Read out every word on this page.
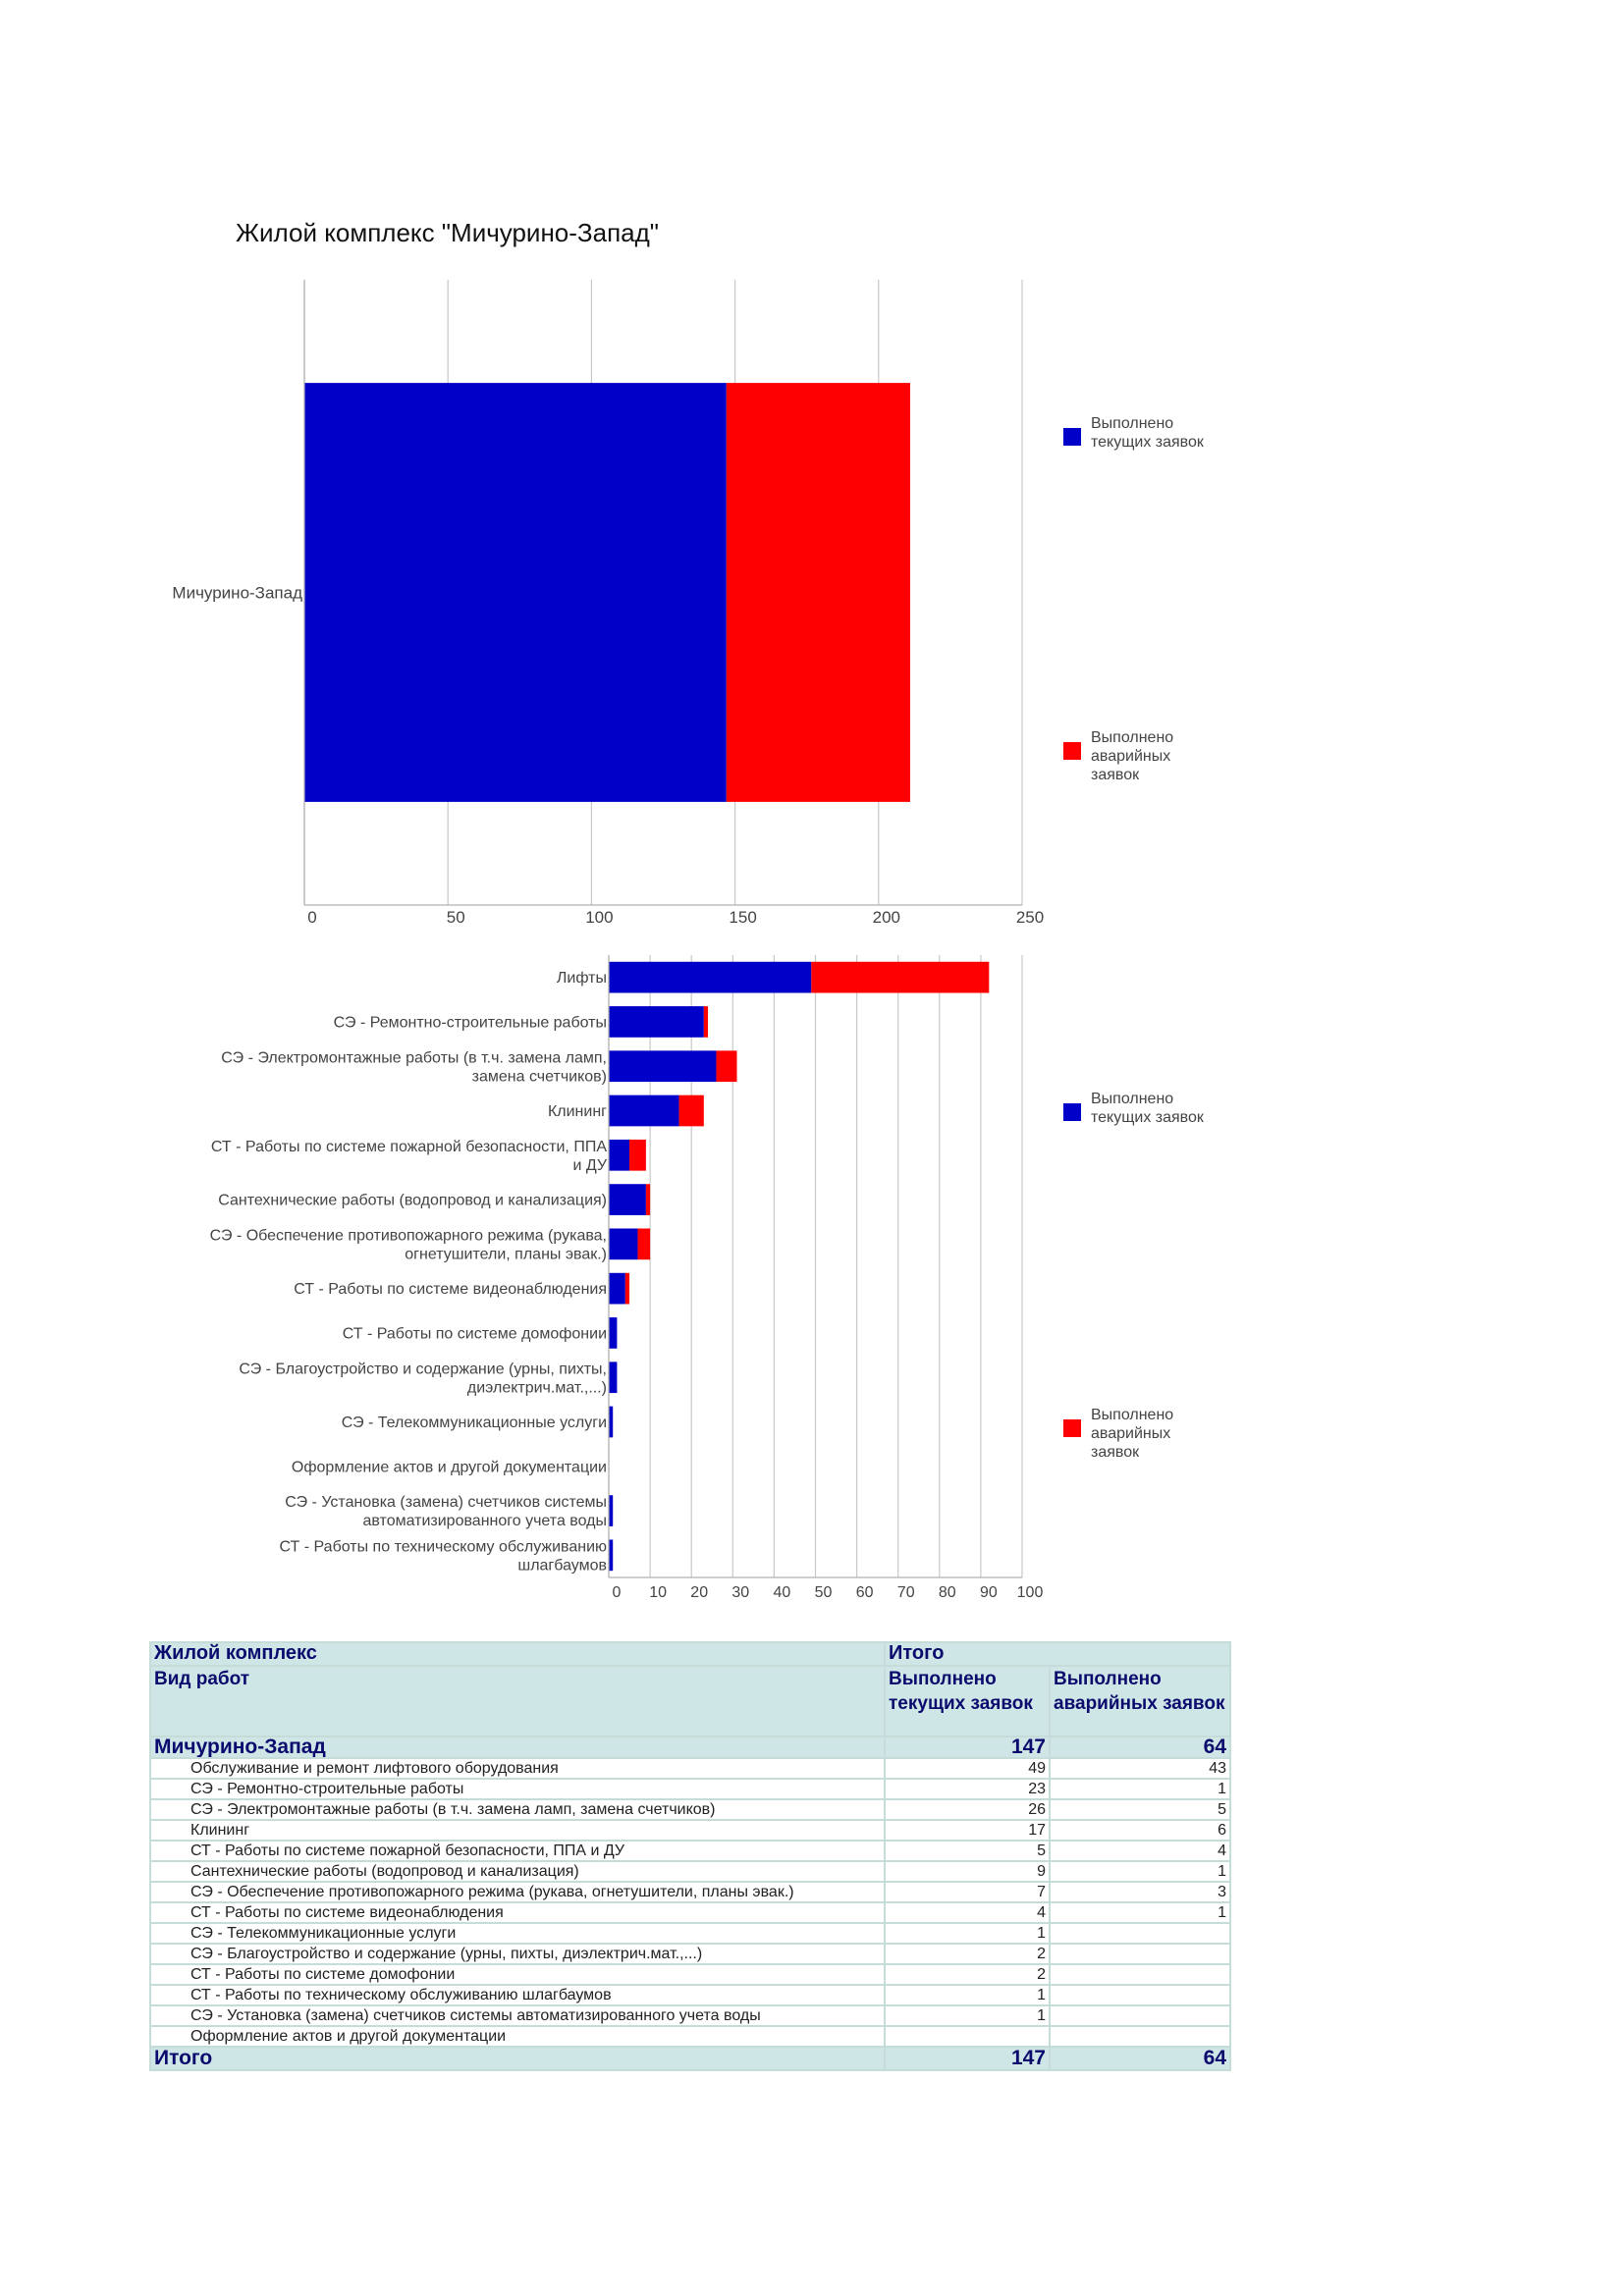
Жилой комплекс "Мичурино-Запад"
0	50	100	150	200	250
Мичурино-Запад
Выполнено
текущих заявок
Выполнено
аварийных
заявок
0 10 20 30 40 50 60 70 80 90 100
Лифты
СЭ - Ремонтно-строительные работы
СЭ - Электромонтажные работы (в т.ч. замена ламп,
замена счетчиков)
Клининг
СТ - Работы по системе пожарной безопасности, ППА
и ДУ
Сантехнические работы (водопровод и канализация)
СЭ - Обеспечение противопожарного режима (рукава,
огнетушители, планы эвак.)
СТ - Работы по системе видеонаблюдения
СТ - Работы по системе домофонии
СЭ - Благоустройство и содержание (урны, пихты,
диэлектрич.мат.,...)
СЭ - Телекоммуникационные услуги
Оформление актов и другой документации
СЭ - Установка (замена) счетчиков системы
автоматизированного учета воды
СТ - Работы по техническому обслуживанию
шлагбаумов
Выполнено
текущих заявок
Выполнено
аварийных
заявок
Жилой комплекс	Итого	
Вид работ	Выполнено текущих заявок	Выполнено аварийных заявок
Мичурино-Запад	147	64
Обслуживание и ремонт лифтового оборудования	49	43
СЭ - Ремонтно-строительные работы	23	1
СЭ - Электромонтажные работы (в т.ч. замена ламп, замена счетчиков)	26	5
Клининг	17	6
СТ - Работы по системе пожарной безопасности, ППА и ДУ	5	4
Сантехнические работы (водопровод и канализация)	9	1
СЭ - Обеспечение противопожарного режима (рукава, огнетушители, планы эвак.)	7	3
СТ - Работы по системе видеонаблюдения	4	1
СЭ - Телекоммуникационные услуги	1	
СЭ - Благоустройство и содержание (урны, пихты, диэлектрич.мат.,...)	2	
СТ - Работы по системе домофонии	2	
СТ - Работы по техническому обслуживанию шлагбаумов	1	
СЭ - Установка (замена) счетчиков системы автоматизированного учета воды	1	
Оформление актов и другой документации		
Итого	147	64
